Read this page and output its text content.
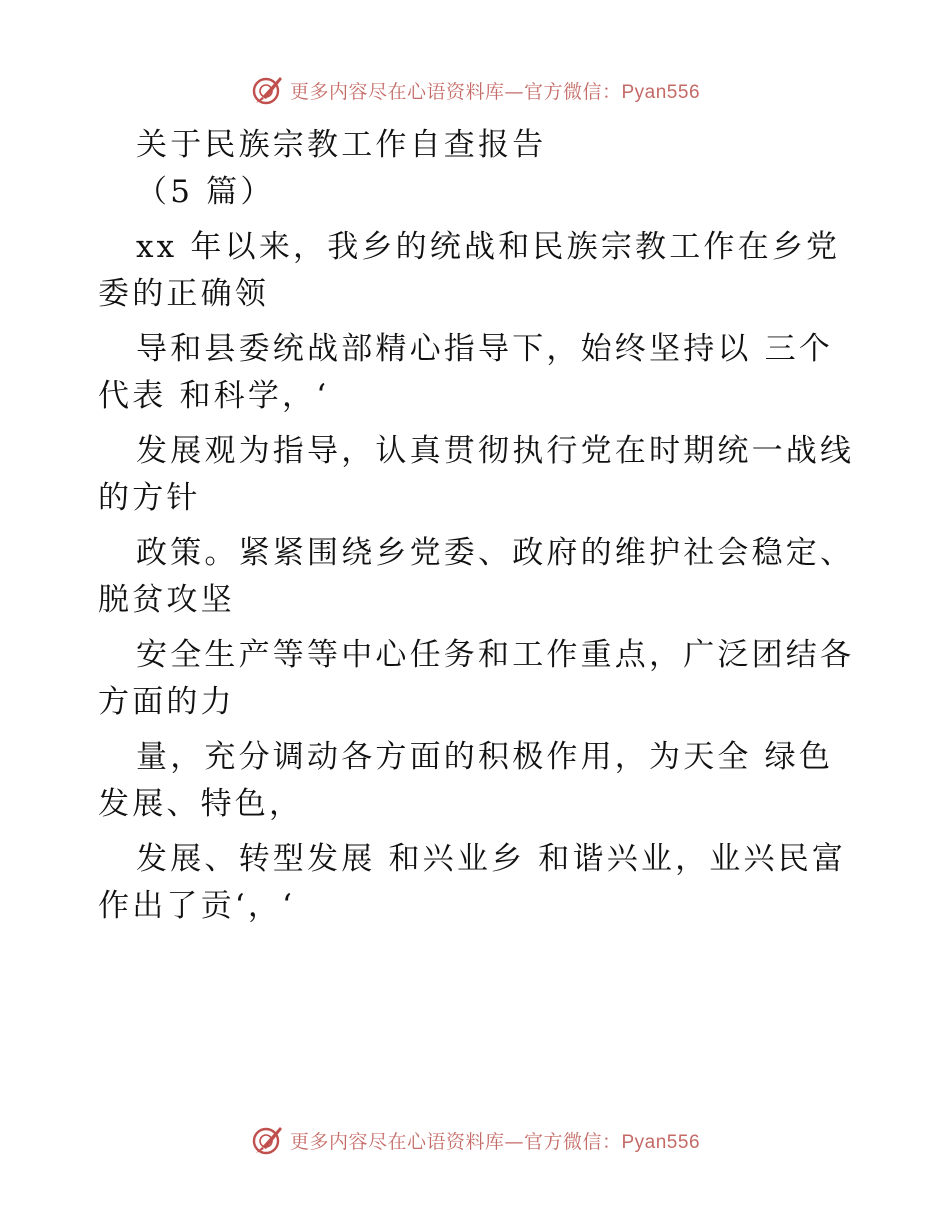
更多内容尽在心语资料库—官方微信：Pyan556
关于民族宗教工作自查报告
（5 篇）
xx 年以来，我乡的统战和民族宗教工作在乡党
委的正确领
导和县委统战部精心指导下，始终坚持以 三个
代表 和科学，‘
发展观为指导，认真贯彻执行党在时期统一战线
的方针
政策。紧紧围绕乡党委、政府的维护社会稳定、
脱贫攻坚
安全生产等等中心任务和工作重点，广泛团结各
方面的力
量，充分调动各方面的积极作用，为天全 绿色
发展、特色，
发展、转型发展 和兴业乡 和谐兴业，业兴民富
作出了贡‘，‘
更多内容尽在心语资料库—官方微信：Pyan556
